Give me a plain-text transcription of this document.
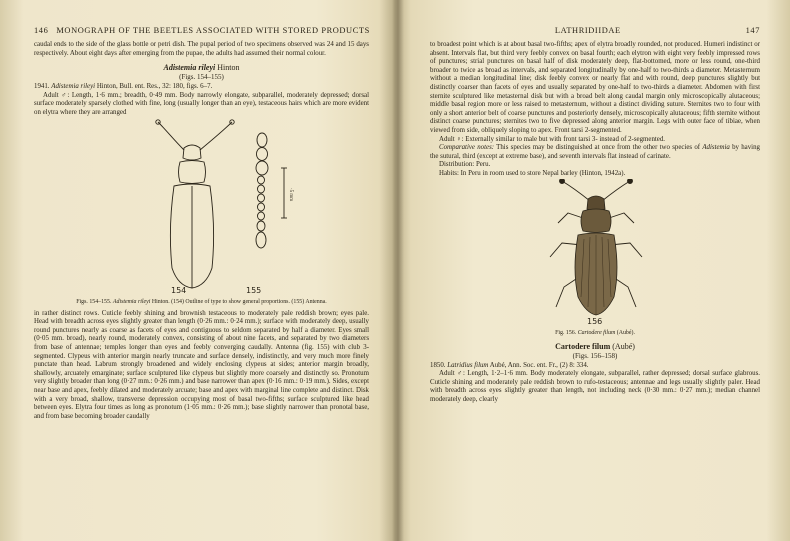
146 MONOGRAPH OF THE BEETLES ASSOCIATED WITH STORED PRODUCTS

caudal ends to the side of the glass bottle or petri dish. The pupal period of two specimens observed was 24 and 15 days respectively. About eight days after emerging from the pupae, the adults had assumed their normal colour.

Adistemia rileyi Hinton
(Figs. 154–155)

1941. Adistemia rileyi Hinton, Bull. ent. Res., 32: 180, figs. 6–7.

Adult ♂: Length, 1·6 mm.; breadth, 0·49 mm. Body narrowly elongate, subparallel, moderately depressed; dorsal surface moderately sparsely clothed with fine, long (usually longer than an eye), testaceous hairs which are more evident on elytra where they are arranged

154	155
·5 mm

Figs. 154–155. Adistemia rileyi Hinton. (154) Outline of type to show general proportions. (155) Antenna.

in rather distinct rows. Cuticle feebly shining and brownish testaceous to moderately pale reddish brown; eyes pale. Head with breadth across eyes slightly greater than length (0·26 mm.: 0·24 mm.); surface with moderately deep, usually round punctures nearly as coarse as facets of eyes and contiguous to seldom separated by half a diameter. Eyes small (0·05 mm. broad), nearly round, moderately convex, consisting of about nine facets, and separated by two diameters from base of antennae; temples longer than eyes and feebly converging caudally. Antenna (fig. 155) with club 3-segmented. Clypeus with anterior margin nearly truncate and surface densely, indistinctly, and very much more finely punctate than head. Labrum strongly broadened and widely enclosing clypeus at sides; anterior margin broadly, shallowly, arcuately emarginate; surface sculptured like clypeus but slightly more coarsely and distinctly so. Pronotum very slightly broader than long (0·27 mm.: 0·26 mm.) and base narrower than apex (0·16 mm.: 0·19 mm.). Sides, except near base and apex, feebly dilated and moderately arcuate; base and apex with marginal line complete and distinct. Disk with a very broad, shallow, transverse depression occupying most of basal two-fifths; surface sculptured like head between eyes. Elytra four times as long as pronotum (1·05 mm.: 0·26 mm.); base slightly narrower than pronotal base, and from base becoming broader caudally

LATHRIDIIDAE	147

to broadest point which is at about basal two-fifths; apex of elytra broadly rounded, not produced. Humeri indistinct or absent. Intervals flat, but third very feebly convex on basal fourth; each elytron with eight very feebly impressed rows of punctures; strial punctures on basal half of disk moderately deep, flat-bottomed, more or less round, one-third broader to twice as broad as intervals, and separated longitudinally by one-half to two-thirds a diameter. Metasternum without a median longitudinal line; disk feebly convex or nearly flat and with round, deep punctures slightly but distinctly coarser than facets of eyes and usually separated by one-half to two-thirds a diameter. Abdomen with first sternite sculptured like metasternal disk but with a broad belt along caudal margin only microscopically alutaceous; middle basal region more or less raised to metasternum, without a distinct dividing suture. Sternites two to four with only a short anterior belt of coarse punctures and posteriorly densely, microscopically alutaceous; fifth sternite without distinct coarse punctures; sternites two to five depressed along anterior margin. Legs with outer face of tibiae, when viewed from side, obliquely sloping to apex. Front tarsi 2-segmented.

Adult ♀: Externally similar to male but with front tarsi 3- instead of 2-segmented.

Comparative notes: This species may be distinguished at once from the other two species of Adistemia by having the sutural, third (except at extreme base), and seventh intervals flat instead of carinate.

Distribution: Peru.

Habits: In Peru in room used to store Nepal barley (Hinton, 1942a).

156

Fig. 156. Cartodere filum (Aubé).

Cartodere filum (Aubé)
(Figs. 156–158)

1850. Latridius filum Aubé, Ann. Soc. ent. Fr., (2) 8: 334.

Adult ♂: Length, 1·2–1·6 mm. Body moderately elongate, subparallel, rather depressed; dorsal surface glabrous. Cuticle shining and moderately pale reddish brown to rufo-testaceous; antennae and legs usually slightly paler. Head with breadth across eyes slightly greater than length, not including neck (0·30 mm.: 0·27 mm.); median channel moderately deep, clearly
